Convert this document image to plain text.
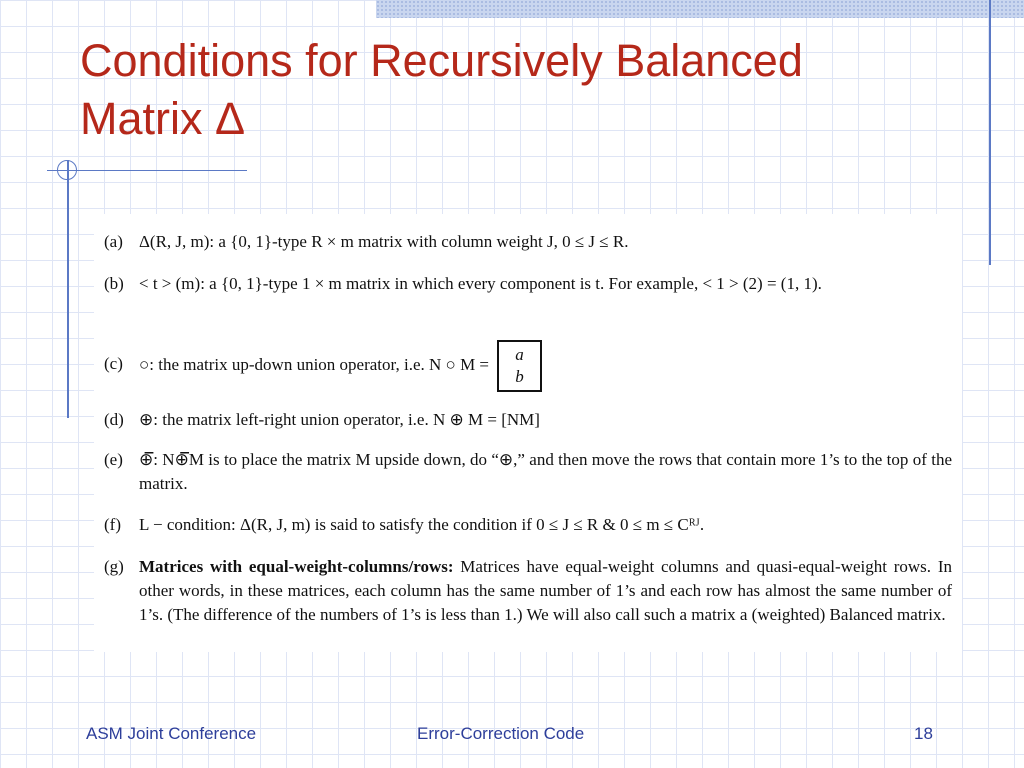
Conditions for Recursively Balanced
Matrix Δ
(a) Δ(R, J, m): a {0, 1}-type R × m matrix with column weight J, 0 ≤ J ≤ R.
(b) < t > (m): a {0, 1}-type 1 × m matrix in which every component is t. For example, < 1 > (2) = (1, 1).
(c) ○: the matrix up-down union operator, i.e. N ○ M =
a
b
(d) ⊕: the matrix left-right union operator, i.e. N ⊕ M = [NM]
(e) ⊕̅: N⊕̅M is to place the matrix M upside down, do “⊕,” and then move the rows that contain more 1’s to the top of the matrix.
(f) L − condition: Δ(R, J, m) is said to satisfy the condition if 0 ≤ J ≤ R & 0 ≤ m ≤ Cᴿᴶ.
(g) Matrices with equal-weight-columns/rows: Matrices have equal-weight columns and quasi-equal-weight rows. In other words, in these matrices, each column has the same number of 1’s and each row has almost the same number of 1’s. (The difference of the numbers of 1’s is less than 1.) We will also call such a matrix a (weighted) Balanced matrix.
ASM Joint Conference	Error-Correction Code	18
